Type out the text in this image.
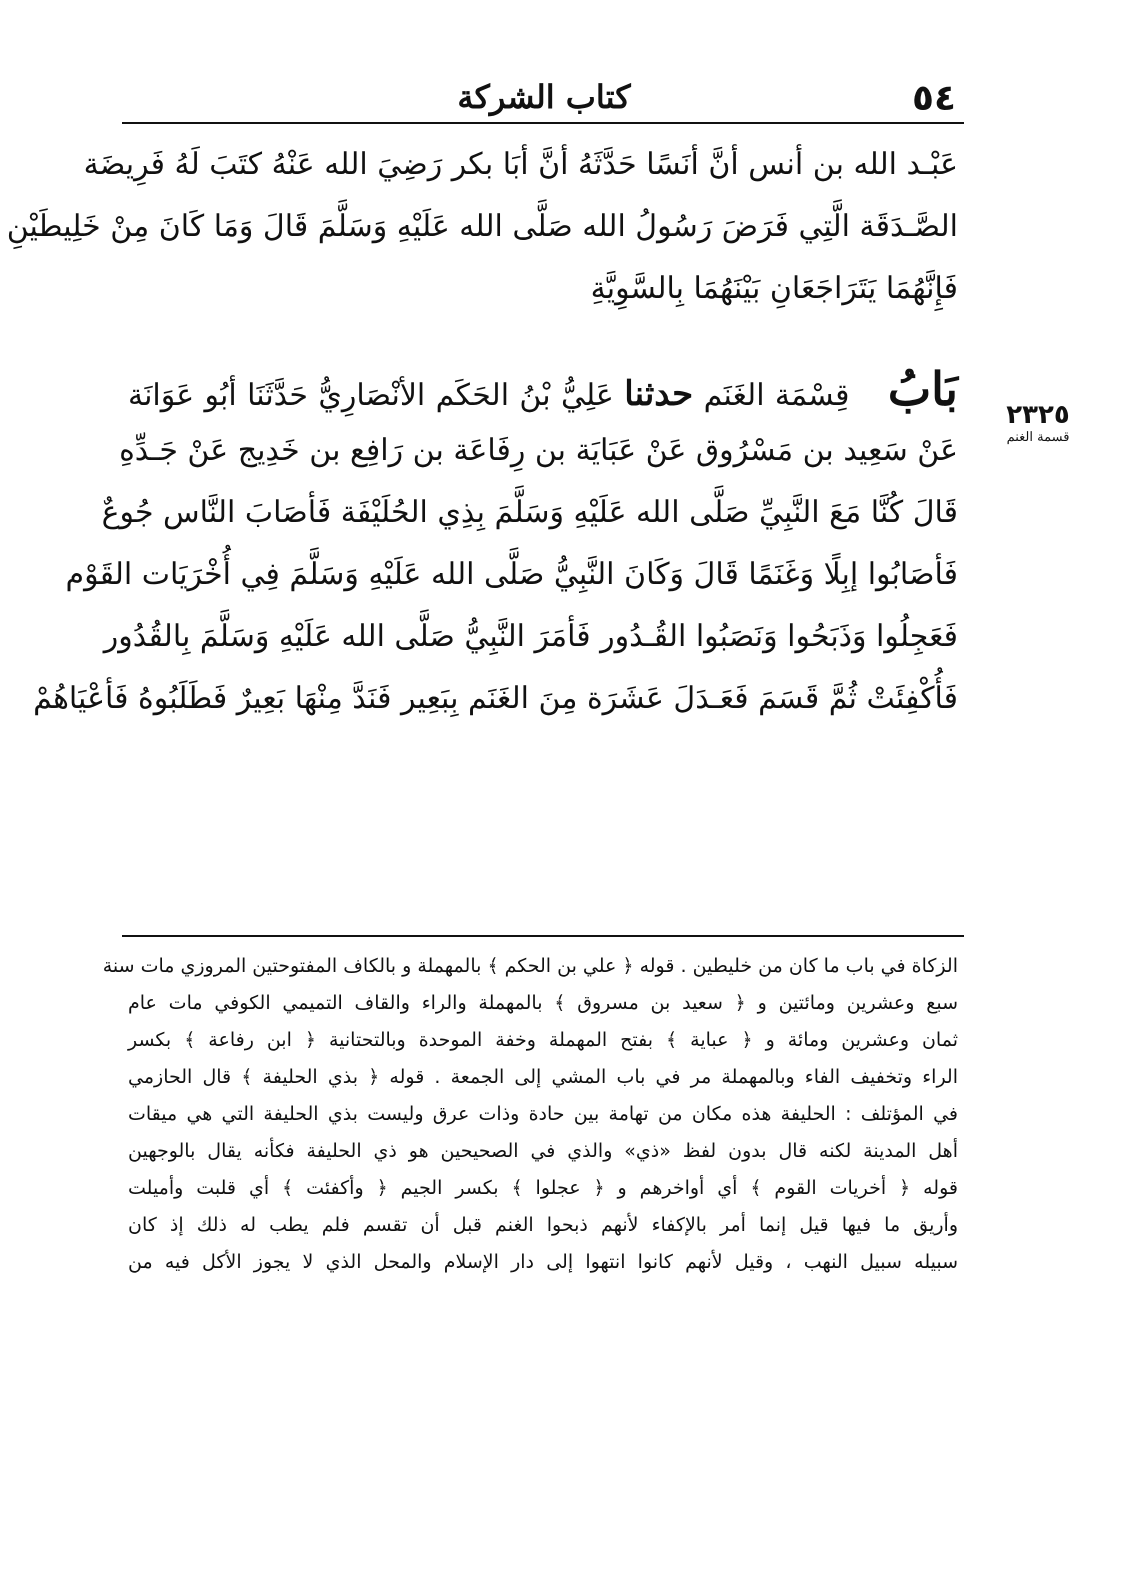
٥٤
كتاب الشركة
عَبْـد الله بن أنس أنَّ أنَسًا حَدَّثَهُ أنَّ أبَا بكر رَضِيَ الله عَنْهُ كتَبَ لَهُ فَرِيضَة
الصَّـدَقَة الَّتِي فَرَضَ رَسُولُ الله صَلَّى الله عَلَيْهِ وَسَلَّمَ قَالَ وَمَا كَانَ مِنْ خَلِيطَيْنِ
فَإِنَّهُمَا يَتَرَاجَعَانِ بَيْنَهُمَا بِالسَّوِيَّةِ
بَابُ قِسْمَة الغَنَم حدثنا عَلِيُّ بْنُ الحَكَم الأنْصَارِيُّ حَدَّثَنَا أبُو عَوَانَة
عَنْ سَعِيد بن مَسْرُوق عَنْ عَبَايَة بن رِفَاعَة بن رَافِع بن خَدِيج عَنْ جَـدِّهِ
قَالَ كُنَّا مَعَ النَّبِيِّ صَلَّى الله عَلَيْهِ وَسَلَّمَ بِذِي الحُلَيْفَة فَأصَابَ النَّاس جُوعٌ
فَأصَابُوا إبِلًا وَغَنَمًا قَالَ وَكَانَ النَّبِيُّ صَلَّى الله عَلَيْهِ وَسَلَّمَ فِي أُخْرَيَات القَوْم
فَعَجِلُوا وَذَبَحُوا وَنَصَبُوا القُـدُور فَأمَرَ النَّبِيُّ صَلَّى الله عَلَيْهِ وَسَلَّمَ بِالقُدُور
فَأُكْفِئَتْ ثُمَّ قَسَمَ فَعَـدَلَ عَشَرَة مِنَ الغَنَم بِبَعِير فَنَدَّ مِنْهَا بَعِيرٌ فَطَلَبُوهُ فَأعْيَاهُمْ
٢٣٢٥
قسمة الغنم
الزكاة في باب ما كان من خليطين . قوله ﴿ علي بن الحكم ﴾ بالمهملة و بالكاف المفتوحتين المروزي مات سنة
سبع وعشرين ومائتين و ﴿ سعيد بن مسروق ﴾ بالمهملة والراء والقاف التميمي الكوفي مات عام
ثمان وعشرين ومائة و ﴿ عباية ﴾ بفتح المهملة وخفة الموحدة وبالتحتانية ﴿ ابن رفاعة ﴾ بكسر
الراء وتخفيف الفاء وبالمهملة مر في باب المشي إلى الجمعة . قوله ﴿ بذي الحليفة ﴾ قال الحازمي
في المؤتلف : الحليفة هذه مكان من تهامة بين حادة وذات عرق وليست بذي الحليفة التي هي ميقات
أهل المدينة لكنه قال بدون لفظ «ذي» والذي في الصحيحين هو ذي الحليفة فكأنه يقال بالوجهين
قوله ﴿ أخريات القوم ﴾ أي أواخرهم و ﴿ عجلوا ﴾ بكسر الجيم ﴿ وأكفئت ﴾ أي قلبت وأميلت
وأريق ما فيها قيل إنما أمر بالإكفاء لأنهم ذبحوا الغنم قبل أن تقسم فلم يطب له ذلك إذ كان
سبيله سبيل النهب ، وقيل لأنهم كانوا انتهوا إلى دار الإسلام والمحل الذي لا يجوز الأكل فيه من
